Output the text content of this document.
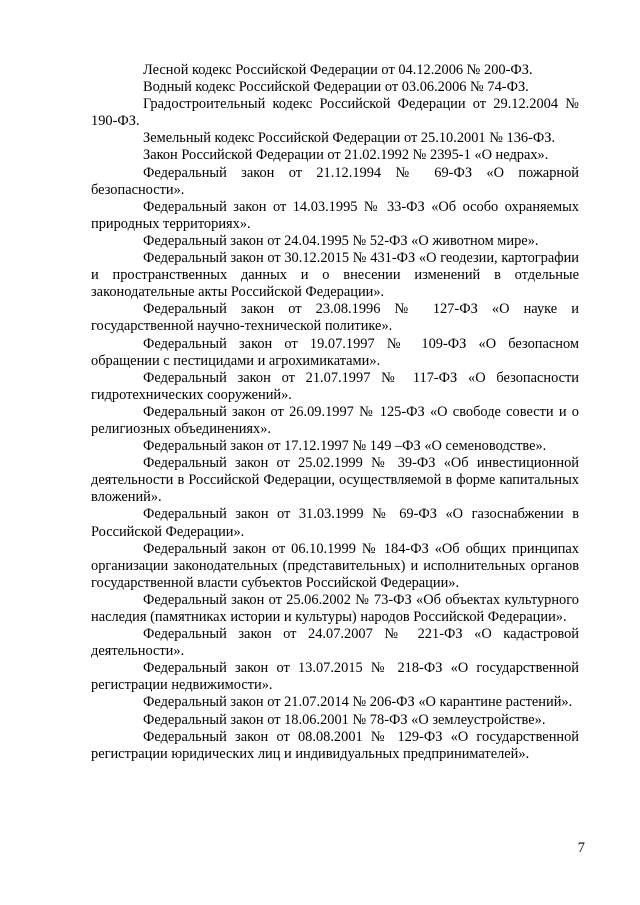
Лесной кодекс Российской Федерации от 04.12.2006 № 200-ФЗ.

Водный кодекс Российской Федерации от 03.06.2006 № 74-ФЗ.

Градостроительный кодекс Российской Федерации от 29.12.2004 № 190-ФЗ.

Земельный кодекс Российской Федерации от 25.10.2001 № 136-ФЗ.

Закон Российской Федерации от 21.02.1992 № 2395-1 «О недрах».

Федеральный закон от 21.12.1994 № 69-ФЗ «О пожарной безопасности».

Федеральный закон от 14.03.1995 № 33-ФЗ «Об особо охраняемых природных территориях».

Федеральный закон от 24.04.1995 № 52-ФЗ «О животном мире».

Федеральный закон от 30.12.2015 № 431-ФЗ «О геодезии, картографии и пространственных данных и о внесении изменений в отдельные законодательные акты Российской Федерации».

Федеральный закон от 23.08.1996 № 127-ФЗ «О науке и государственной научно-технической политике».

Федеральный закон от 19.07.1997 № 109-ФЗ «О безопасном обращении с пестицидами и агрохимикатами».

Федеральный закон от 21.07.1997 № 117-ФЗ «О безопасности гидротехнических сооружений».

Федеральный закон от 26.09.1997 № 125-ФЗ «О свободе совести и о религиозных объединениях».

Федеральный закон от 17.12.1997 № 149 –ФЗ «О семеноводстве».

Федеральный закон от 25.02.1999 № 39-ФЗ «Об инвестиционной деятельности в Российской Федерации, осуществляемой в форме капитальных вложений».

Федеральный закон от 31.03.1999 № 69-ФЗ «О газоснабжении в Российской Федерации».

Федеральный закон от 06.10.1999 № 184-ФЗ «Об общих принципах организации законодательных (представительных) и исполнительных органов государственной власти субъектов Российской Федерации».

Федеральный закон от 25.06.2002 № 73-ФЗ «Об объектах культурного наследия (памятниках истории и культуры) народов Российской Федерации».

Федеральный закон от 24.07.2007 № 221-ФЗ «О кадастровой деятельности».

Федеральный закон от 13.07.2015 № 218-ФЗ «О государственной регистрации недвижимости».

Федеральный закон от 21.07.2014 № 206-ФЗ «О карантине растений».

Федеральный закон от 18.06.2001 № 78-ФЗ «О землеустройстве».

Федеральный закон от 08.08.2001 № 129-ФЗ «О государственной регистрации юридических лиц и индивидуальных предпринимателей».

7
